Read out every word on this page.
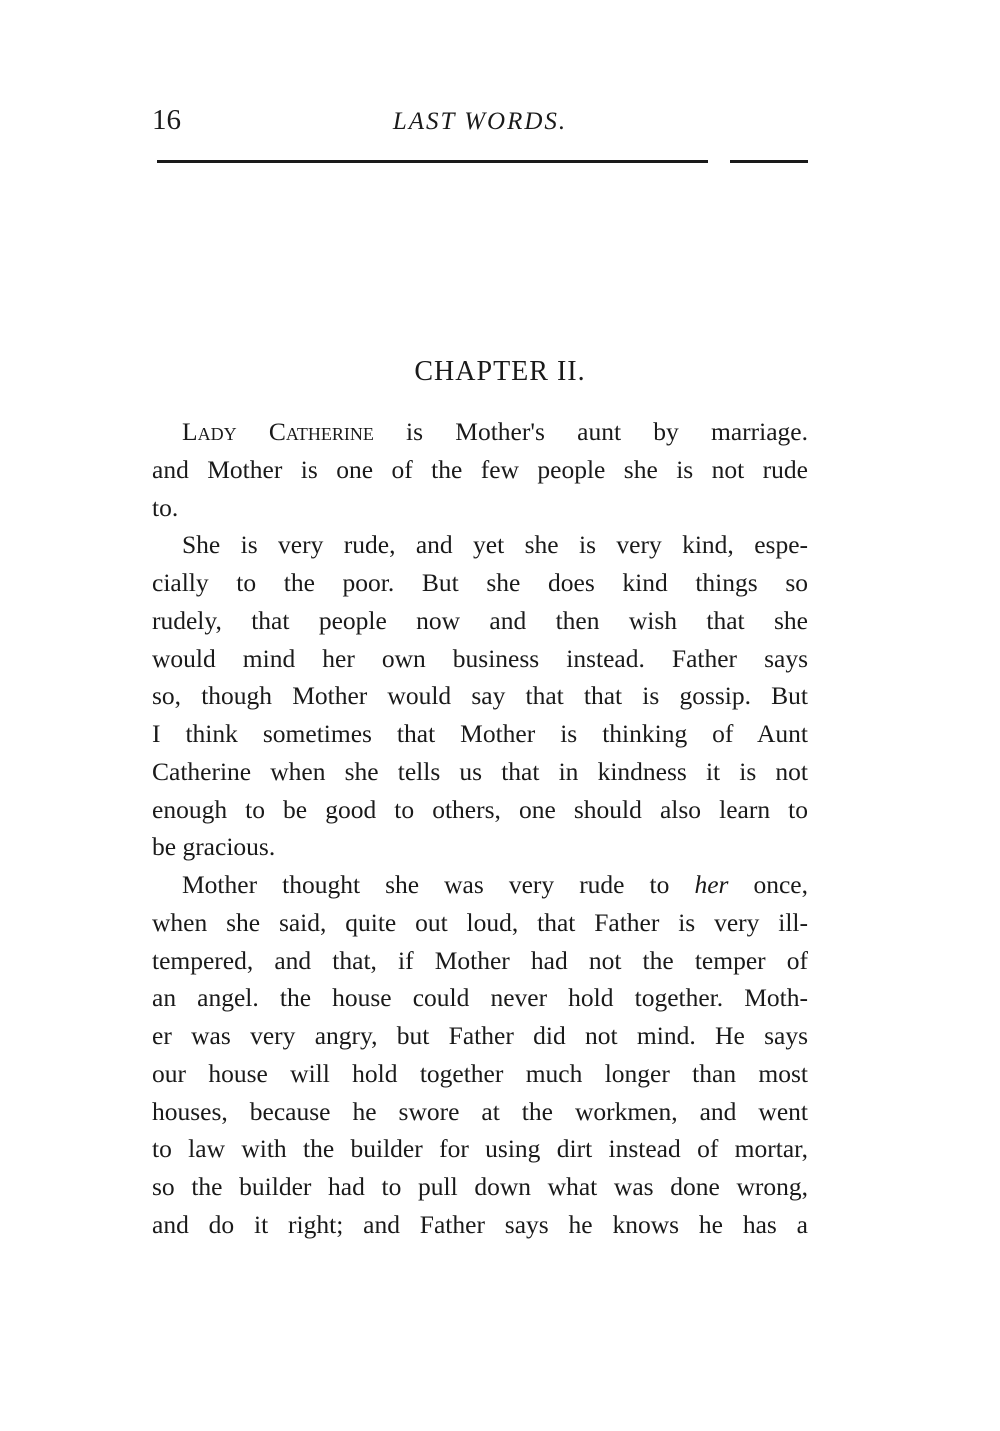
16	LAST WORDS.
CHAPTER II.
Lady Catherine is Mother's aunt by marriage.
and Mother is one of the few people she is not rude
to.
She is very rude, and yet she is very kind, espe-
cially to the poor. But she does kind things so
rudely, that people now and then wish that she
would mind her own business instead. Father says
so, though Mother would say that that is gossip. But
I think sometimes that Mother is thinking of Aunt
Catherine when she tells us that in kindness it is not
enough to be good to others, one should also learn to
be gracious.
Mother thought she was very rude to her once,
when she said, quite out loud, that Father is very ill-
tempered, and that, if Mother had not the temper of
an angel. the house could never hold together. Moth-
er was very angry, but Father did not mind. He says
our house will hold together much longer than most
houses, because he swore at the workmen, and went
to law with the builder for using dirt instead of mortar,
so the builder had to pull down what was done wrong,
and do it right; and Father says he knows he has a
